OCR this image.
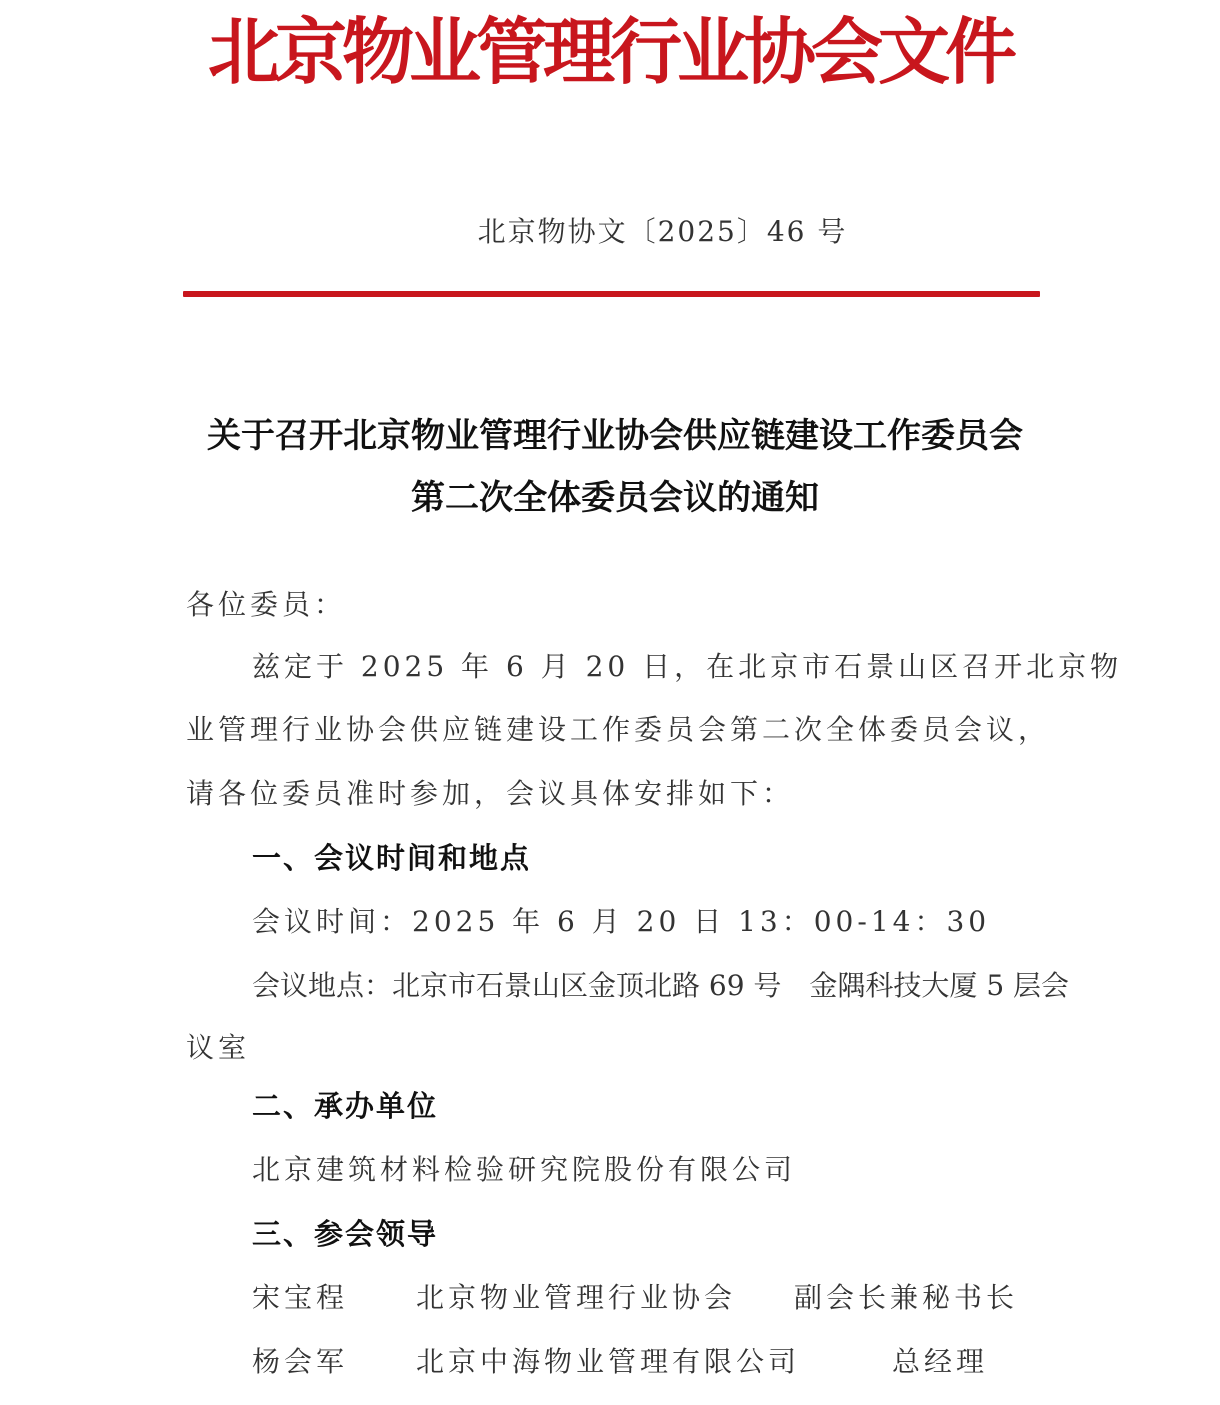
北京物业管理行业协会文件
北京物协文〔2025〕46 号
关于召开北京物业管理行业协会供应链建设工作委员会
第二次全体委员会议的通知
各位委员：
兹定于 2025 年 6 月 20 日，在北京市石景山区召开北京物
业管理行业协会供应链建设工作委员会第二次全体委员会议，
请各位委员准时参加，会议具体安排如下：
一、会议时间和地点
会议时间：2025 年 6 月 20 日 13：00-14：30
会议地点：北京市石景山区金顶北路 69 号　金隅科技大厦 5 层会
议室
二、承办单位
北京建筑材料检验研究院股份有限公司
三、参会领导
宋宝程 北京物业管理行业协会 副会长兼秘书长
杨会军 北京中海物业管理有限公司	总经理
